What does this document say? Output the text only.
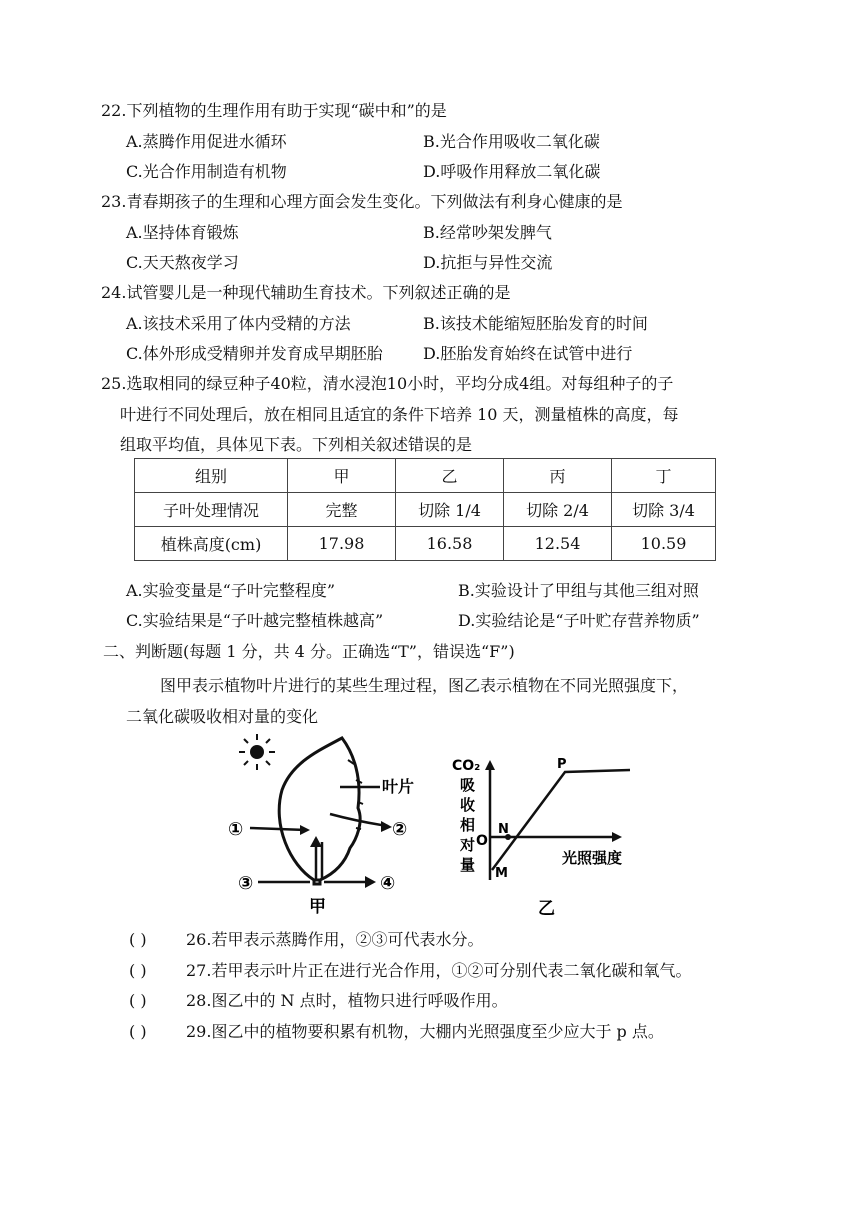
22.下列植物的生理作用有助于实现“碳中和”的是
A.蒸腾作用促进水循环	B.光合作用吸收二氧化碳
C.光合作用制造有机物	D.呼吸作用释放二氧化碳
23.青春期孩子的生理和心理方面会发生变化。下列做法有利身心健康的是
A.坚持体育锻炼	B.经常吵架发脾气
C.天天熬夜学习	D.抗拒与异性交流
24.试管婴儿是一种现代辅助生育技术。下列叙述正确的是
A.该技术采用了体内受精的方法	B.该技术能缩短胚胎发育的时间
C.体外形成受精卵并发育成早期胚胎	D.胚胎发育始终在试管中进行
25.选取相同的绿豆种子40粒，清水浸泡10小时，平均分成4组。对每组种子的子
叶进行不同处理后，放在相同且适宜的条件下培养 10 天，测量植株的高度，每
组取平均值，具体见下表。下列相关叙述错误的是
组别	甲	乙	丙	丁
子叶处理情况	完整	切除 1/4	切除 2/4	切除 3/4
植株高度(cm)	17.98	16.58	12.54	10.59
A.实验变量是“子叶完整程度”	B.实验设计了甲组与其他三组对照
C.实验结果是“子叶越完整植株越高”	D.实验结论是“子叶贮存营养物质”
二、判断题(每题 1 分，共 4 分。正确选“T”，错误选“F”)
图甲表示植物叶片进行的某些生理过程，图乙表示植物在不同光照强度下，
二氧化碳吸收相对量的变化
叶片
①	②
③	④
甲
CO₂
吸
收
相
对
量
O
N
M
P
光照强度
乙
( ) 26.若甲表示蒸腾作用，②③可代表水分。
( ) 27.若甲表示叶片正在进行光合作用，①②可分别代表二氧化碳和氧气。
( ) 28.图乙中的 N 点时，植物只进行呼吸作用。
( ) 29.图乙中的植物要积累有机物，大棚内光照强度至少应大于 p 点。
